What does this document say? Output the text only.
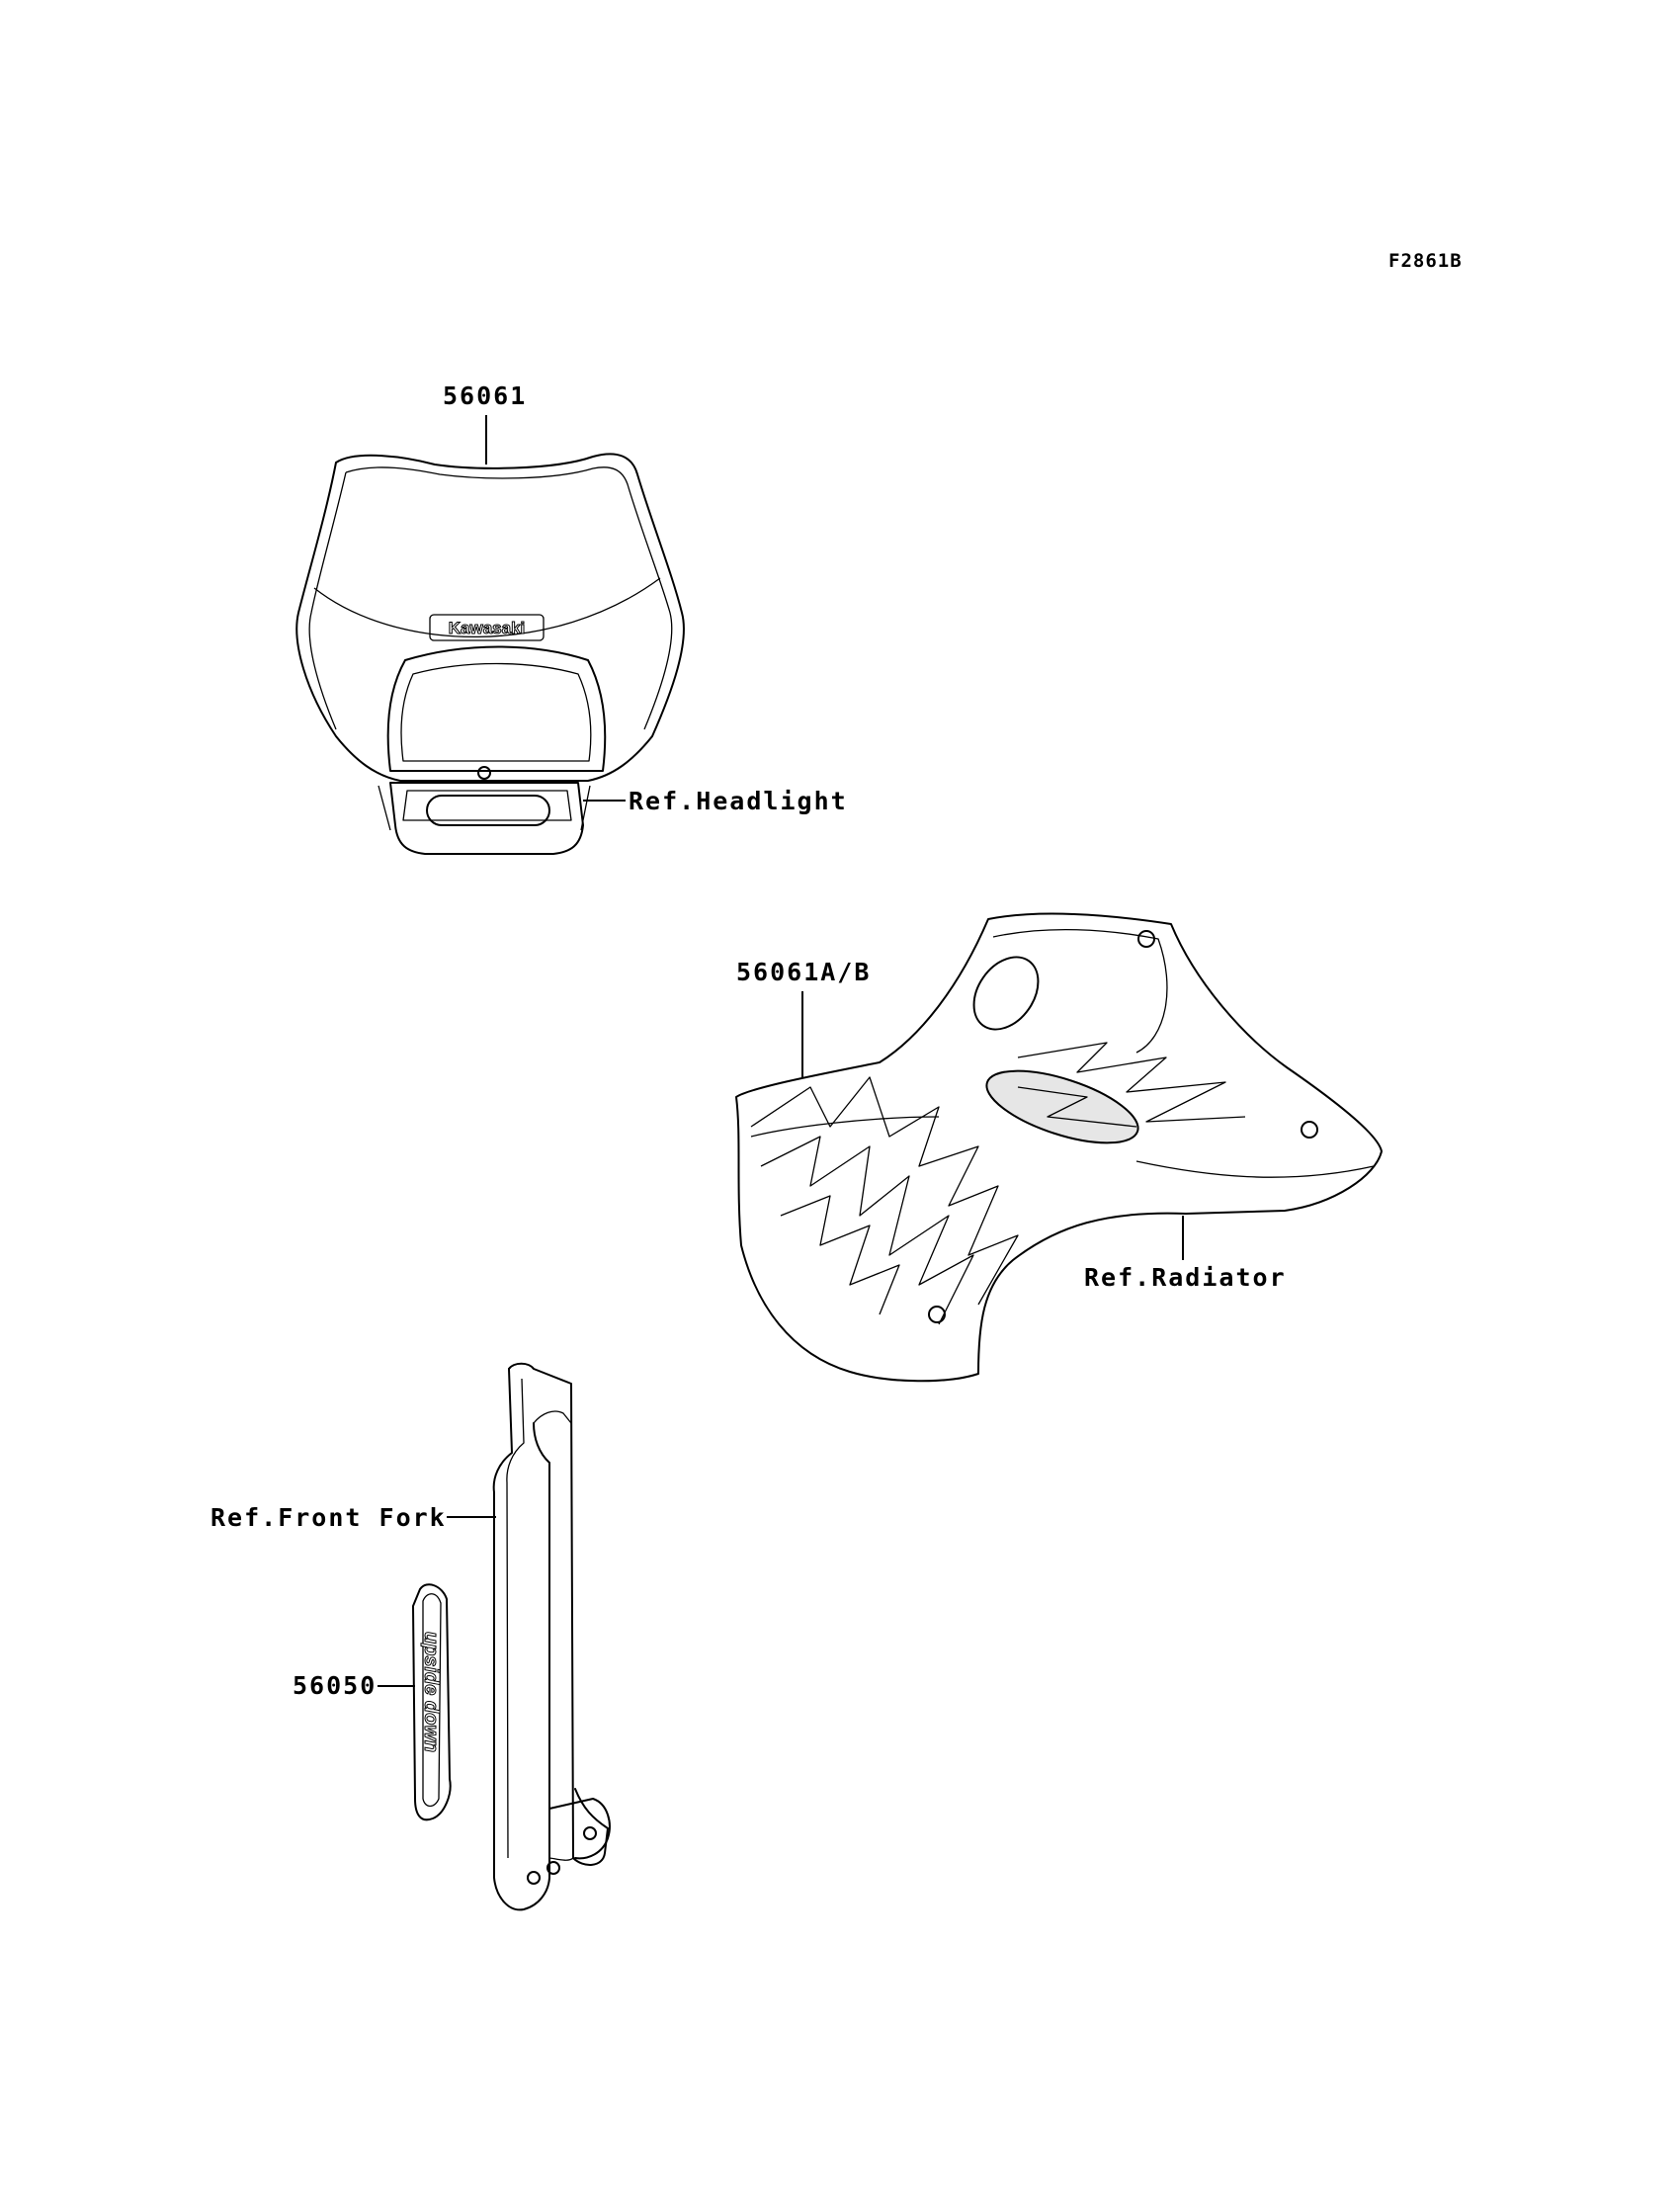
Kawasaki
upside down
F2861B
56061
Ref.Headlight
56061A/B
Ref.Radiator
Ref.Front Fork
56050
